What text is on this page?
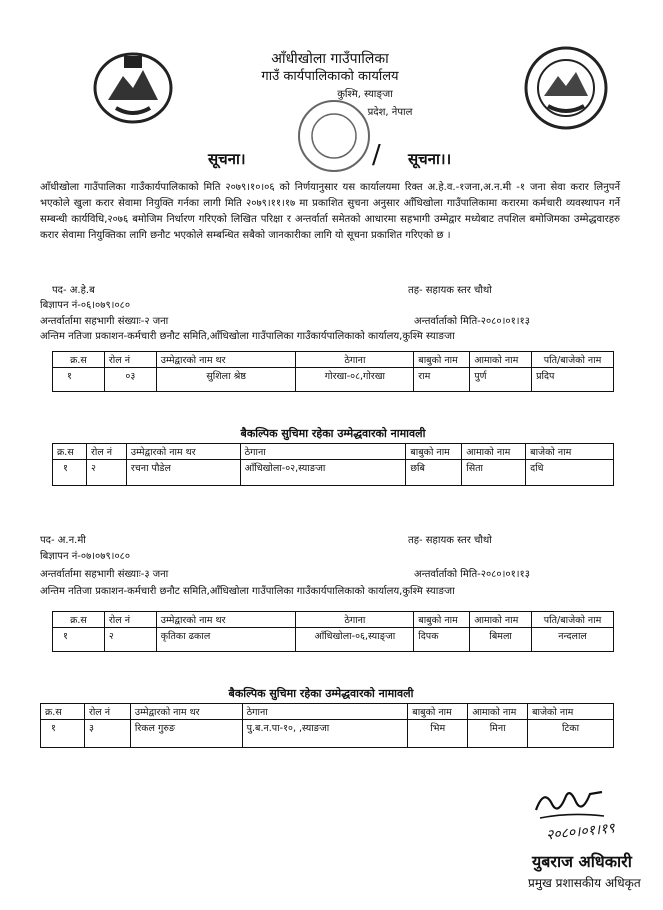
आँधीखोला गाउँपालिका
गाउँ कार्यपालिकाको कार्यालय
कुश्मि, स्याङ्जा
प्रदेश, नेपाल
सूचना।	/ सूचना।।
आँधीखोला गाउँपालिका गाउँकार्यपालिकाको मिति २०७९।१०।०६ को निर्णयानुसार यस कार्यालयमा रिक्त अ.हे.व.-१जना,अ.न.मी -१ जना सेवा करार लिनुपर्ने भएकोले खुला करार सेवामा नियुक्ति गर्नका लागी मिति २०७९।११।१७ मा प्रकाशित सुचना अनुसार आँधिखोला गाउँपालिकामा करारमा कर्मचारी व्यवस्थापन गर्ने सम्बन्धी कार्यविधि,२०७६ बमोजिम निर्धारण गरिएको लिखित परिक्षा र अन्तर्वार्ता समेतको आधारमा सहभागी उम्मेद्वार मध्येबाट तपशिल बमोजिमका उम्मेद्धवारहरु करार सेवामा नियुक्तिका लागि छनौट भएकोले सम्बन्धित सबैको जानकारीका लागि यो सूचना प्रकाशित गरिएको छ ।
पद- अ.हे.ब	तह- सहायक स्तर चौथो
बिज्ञापन नं-०६।०७९।०८०
अन्तर्वार्तामा सहभागी संख्याः-२ जना	अन्तर्वार्ताको मिति-२०८०।०१।१३
अन्तिम नतिजा प्रकाशन-कर्मचारी छनौट समिति,आँधिखोला गाउँपालिका गाउँकार्यपालिकाको कार्यालय,कुश्मि स्याङजा
क्र.स	रोल नं	उम्मेद्वारको नाम थर	ठेगाना	बाबुको नाम	आमाको नाम	पति/बाजेको नाम
१	०३	सुशिला श्रेष्ठ	गोरखा-०८,गोरखा	राम	पुर्ण	प्रदिप
बैकल्पिक सुचिमा रहेका उम्मेद्धवारको नामावली
क्र.स	रोल नं	उम्मेद्वारको नाम थर	ठेगाना	बाबुको नाम	आमाको नाम	बाजेको नाम
१	२	रचना पौडेल	आँधिखोला-०२,स्याङजा	छबि	सिता	दधि
पद- अ.न.मी	तह- सहायक स्तर चौथो
बिज्ञापन नं-०७।०७९।०८०
अन्तर्वार्तामा सहभागी संख्याः-३ जना	अन्तर्वार्ताको मिति-२०८०।०१।१३
अन्तिम नतिजा प्रकाशन-कर्मचारी छनौट समिति,आँधिखोला गाउँपालिका गाउँकार्यपालिकाको कार्यालय,कुश्मि स्याङजा
क्र.स	रोल नं	उम्मेद्वारको नाम थर	ठेगाना	बाबुको नाम	आमाको नाम	पति/बाजेको नाम
१	२	कृतिका ढकाल	आँधिखोला-०६,स्याङ्जा	दिपक	बिमला	नन्दलाल
बैकल्पिक सुचिमा रहेका उम्मेद्धवारको नामावली
क्र.स	रोल नं	उम्मेद्वारको नाम थर	ठेगाना	बाबुको नाम	आमाको नाम	बाजेको नाम
१	३	रिकल गुरुङ	पु.ब.न.पा-१०, ,स्याङजा	भिम	मिना	टिका
२०८०।०१।१९
युबराज अधिकारी
प्रमुख प्रशासकीय अधिकृत
